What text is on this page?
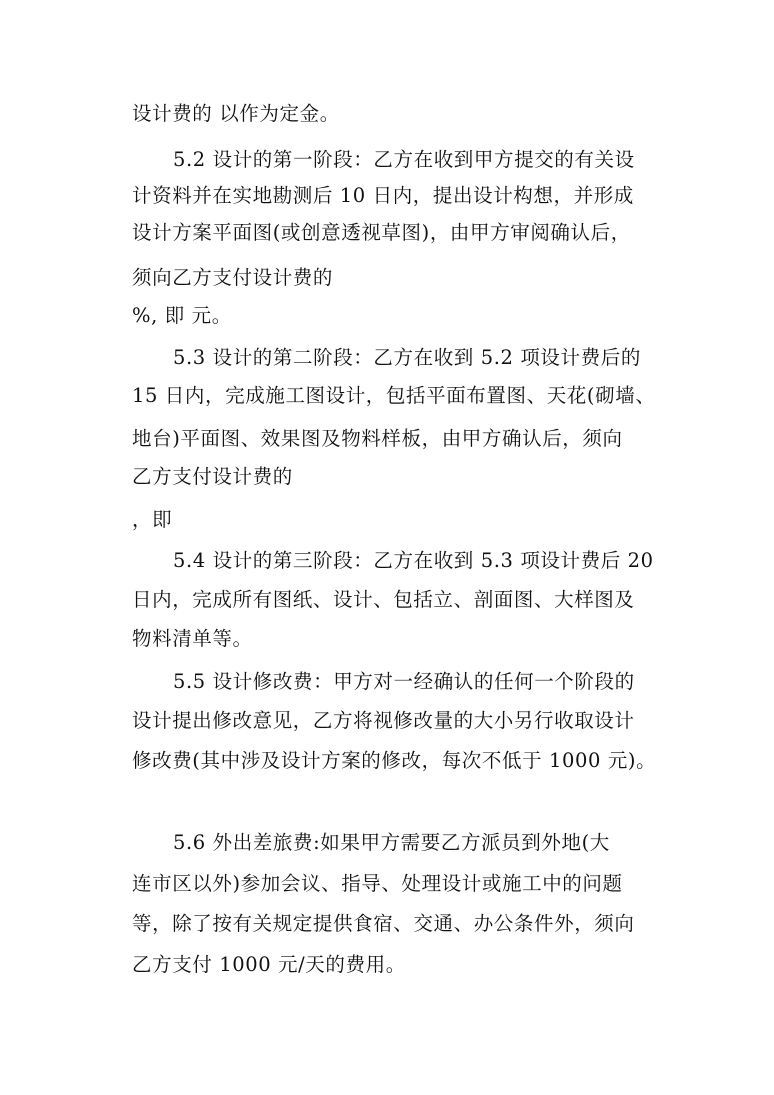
设计费的 以作为定金。
5.2 设计的第一阶段：乙方在收到甲方提交的有关设
计资料并在实地勘测后 10 日内，提出设计构想，并形成
设计方案平面图(或创意透视草图)，由甲方审阅确认后，
须向乙方支付设计费的
%, 即 元。
5.3 设计的第二阶段：乙方在收到 5.2 项设计费后的
15 日内，完成施工图设计，包括平面布置图、天花(砌墙、
地台)平面图、效果图及物料样板，由甲方确认后，须向
乙方支付设计费的
，即
5.4 设计的第三阶段：乙方在收到 5.3 项设计费后 20
日内，完成所有图纸、设计、包括立、剖面图、大样图及
物料清单等。
5.5 设计修改费：甲方对一经确认的任何一个阶段的
设计提出修改意见，乙方将视修改量的大小另行收取设计
修改费(其中涉及设计方案的修改，每次不低于 1000 元)。
5.6 外出差旅费:如果甲方需要乙方派员到外地(大
连市区以外)参加会议、指导、处理设计或施工中的问题
等，除了按有关规定提供食宿、交通、办公条件外，须向
乙方支付 1000 元/天的费用。
